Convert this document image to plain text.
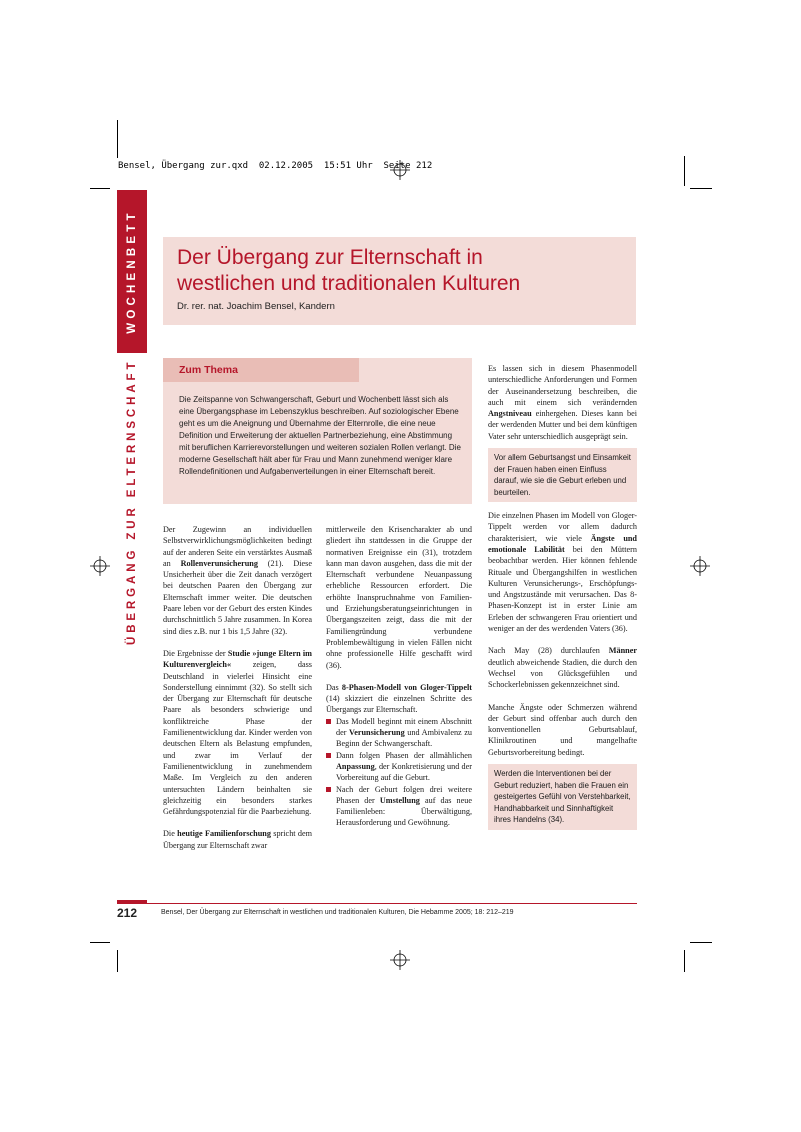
Bensel, Übergang zur.qxd  02.12.2005  15:51 Uhr  Seite 212
WOCHENBETT
ÜBERGANG ZUR ELTERNSCHAFT
Der Übergang zur Elternschaft in
westlichen und traditionalen Kulturen
Dr. rer. nat. Joachim Bensel, Kandern
Zum Thema
Die Zeitspanne von Schwangerschaft, Geburt und Wochenbett lässt sich als eine Übergangsphase im Lebenszyklus beschreiben. Auf soziologischer Ebene geht es um die Aneignung und Übernahme der Elternrolle, die eine neue Definition und Erweiterung der aktuellen Partnerbeziehung, eine Abstimmung mit beruflichen Karrierevorstellungen und weiteren sozialen Rollen verlangt. Die moderne Gesellschaft hält aber für Frau und Mann zunehmend weniger klare Rollendefinitionen und Aufgabenverteilungen in einer Elternschaft bereit.

Der Zugewinn an individuellen Selbstverwirklichungsmöglichkeiten bedingt auf der anderen Seite ein verstärktes Ausmaß an Rollenverunsicherung (21). Diese Unsicherheit über die Zeit danach verzögert bei deutschen Paaren den Übergang zur Elternschaft immer weiter. Die deutschen Paare leben vor der Geburt des ersten Kindes durchschnittlich 5 Jahre zusammen. In Korea sind dies z.B. nur 1 bis 1,5 Jahre (32).

Die Ergebnisse der Studie »junge Eltern im Kulturenvergleich« zeigen, dass Deutschland in vielerlei Hinsicht eine Sonderstellung einnimmt (32). So stellt sich der Übergang zur Elternschaft für deutsche Paare als besonders schwierige und konfliktreiche Phase der Familienentwicklung dar. Kinder werden von deutschen Eltern als Belastung empfunden, und zwar im Verlauf der Familienentwicklung in zunehmendem Maße. Im Vergleich zu den anderen untersuchten Ländern beinhalten sie gleichzeitig ein besonders starkes Gefährdungspotenzial für die Paarbeziehung.

Die heutige Familienforschung spricht dem Übergang zur Elternschaft zwar

mittlerweile den Krisencharakter ab und gliedert ihn stattdessen in die Gruppe der normativen Ereignisse ein (31), trotzdem kann man davon ausgehen, dass die mit der Elternschaft verbundene Neuanpassung erhebliche Ressourcen erfordert. Die erhöhte Inanspruchnahme von Familien- und Erziehungsberatungseinrichtungen in Übergangszeiten zeigt, dass die mit der Familiengründung verbundene Problembewältigung in vielen Fällen nicht ohne professionelle Hilfe geschafft wird (36).

Das 8-Phasen-Modell von Gloger-Tippelt (14) skizziert die einzelnen Schritte des Übergangs zur Elternschaft.

Das Modell beginnt mit einem Abschnitt der Verunsicherung und Ambivalenz zu Beginn der Schwangerschaft.
Dann folgen Phasen der allmählichen Anpassung, der Konkretisierung und der Vorbereitung auf die Geburt.
Nach der Geburt folgen drei weitere Phasen der Umstellung auf das neue Familienleben: Überwältigung, Herausforderung und Gewöhnung.

Es lassen sich in diesem Phasenmodell unterschiedliche Anforderungen und Formen der Auseinandersetzung beschreiben, die auch mit einem sich verändernden Angstniveau einhergehen. Dieses kann bei der werdenden Mutter und bei dem künftigen Vater sehr unterschiedlich ausgeprägt sein.

Vor allem Geburtsangst und Einsamkeit der Frauen haben einen Einfluss darauf, wie sie die Geburt erleben und beurteilen.

Die einzelnen Phasen im Modell von Gloger-Tippelt werden vor allem dadurch charakterisiert, wie viele Ängste und emotionale Labilität bei den Müttern beobachtbar werden. Hier können fehlende Rituale und Übergangshilfen in westlichen Kulturen Verunsicherungs-, Erschöpfungs- und Angstzustände mit verursachen. Das 8-Phasen-Konzept ist in erster Linie am Erleben der schwangeren Frau orientiert und weniger an der des werdenden Vaters (36).

Nach May (28) durchlaufen Männer deutlich abweichende Stadien, die durch den Wechsel von Glücksgefühlen und Schockerlebnissen gekennzeichnet sind.

Manche Ängste oder Schmerzen während der Geburt sind offenbar auch durch den konventionellen Geburtsablauf, Klinikroutinen und mangelhafte Geburtsvorbereitung bedingt.

Werden die Interventionen bei der Geburt reduziert, haben die Frauen ein gesteigertes Gefühl von Verstehbarkeit, Handhabbarkeit und Sinnhaftigkeit ihres Handelns (34).
212	Bensel, Der Übergang zur Elternschaft in westlichen und traditionalen Kulturen, Die Hebamme 2005; 18: 212–219
